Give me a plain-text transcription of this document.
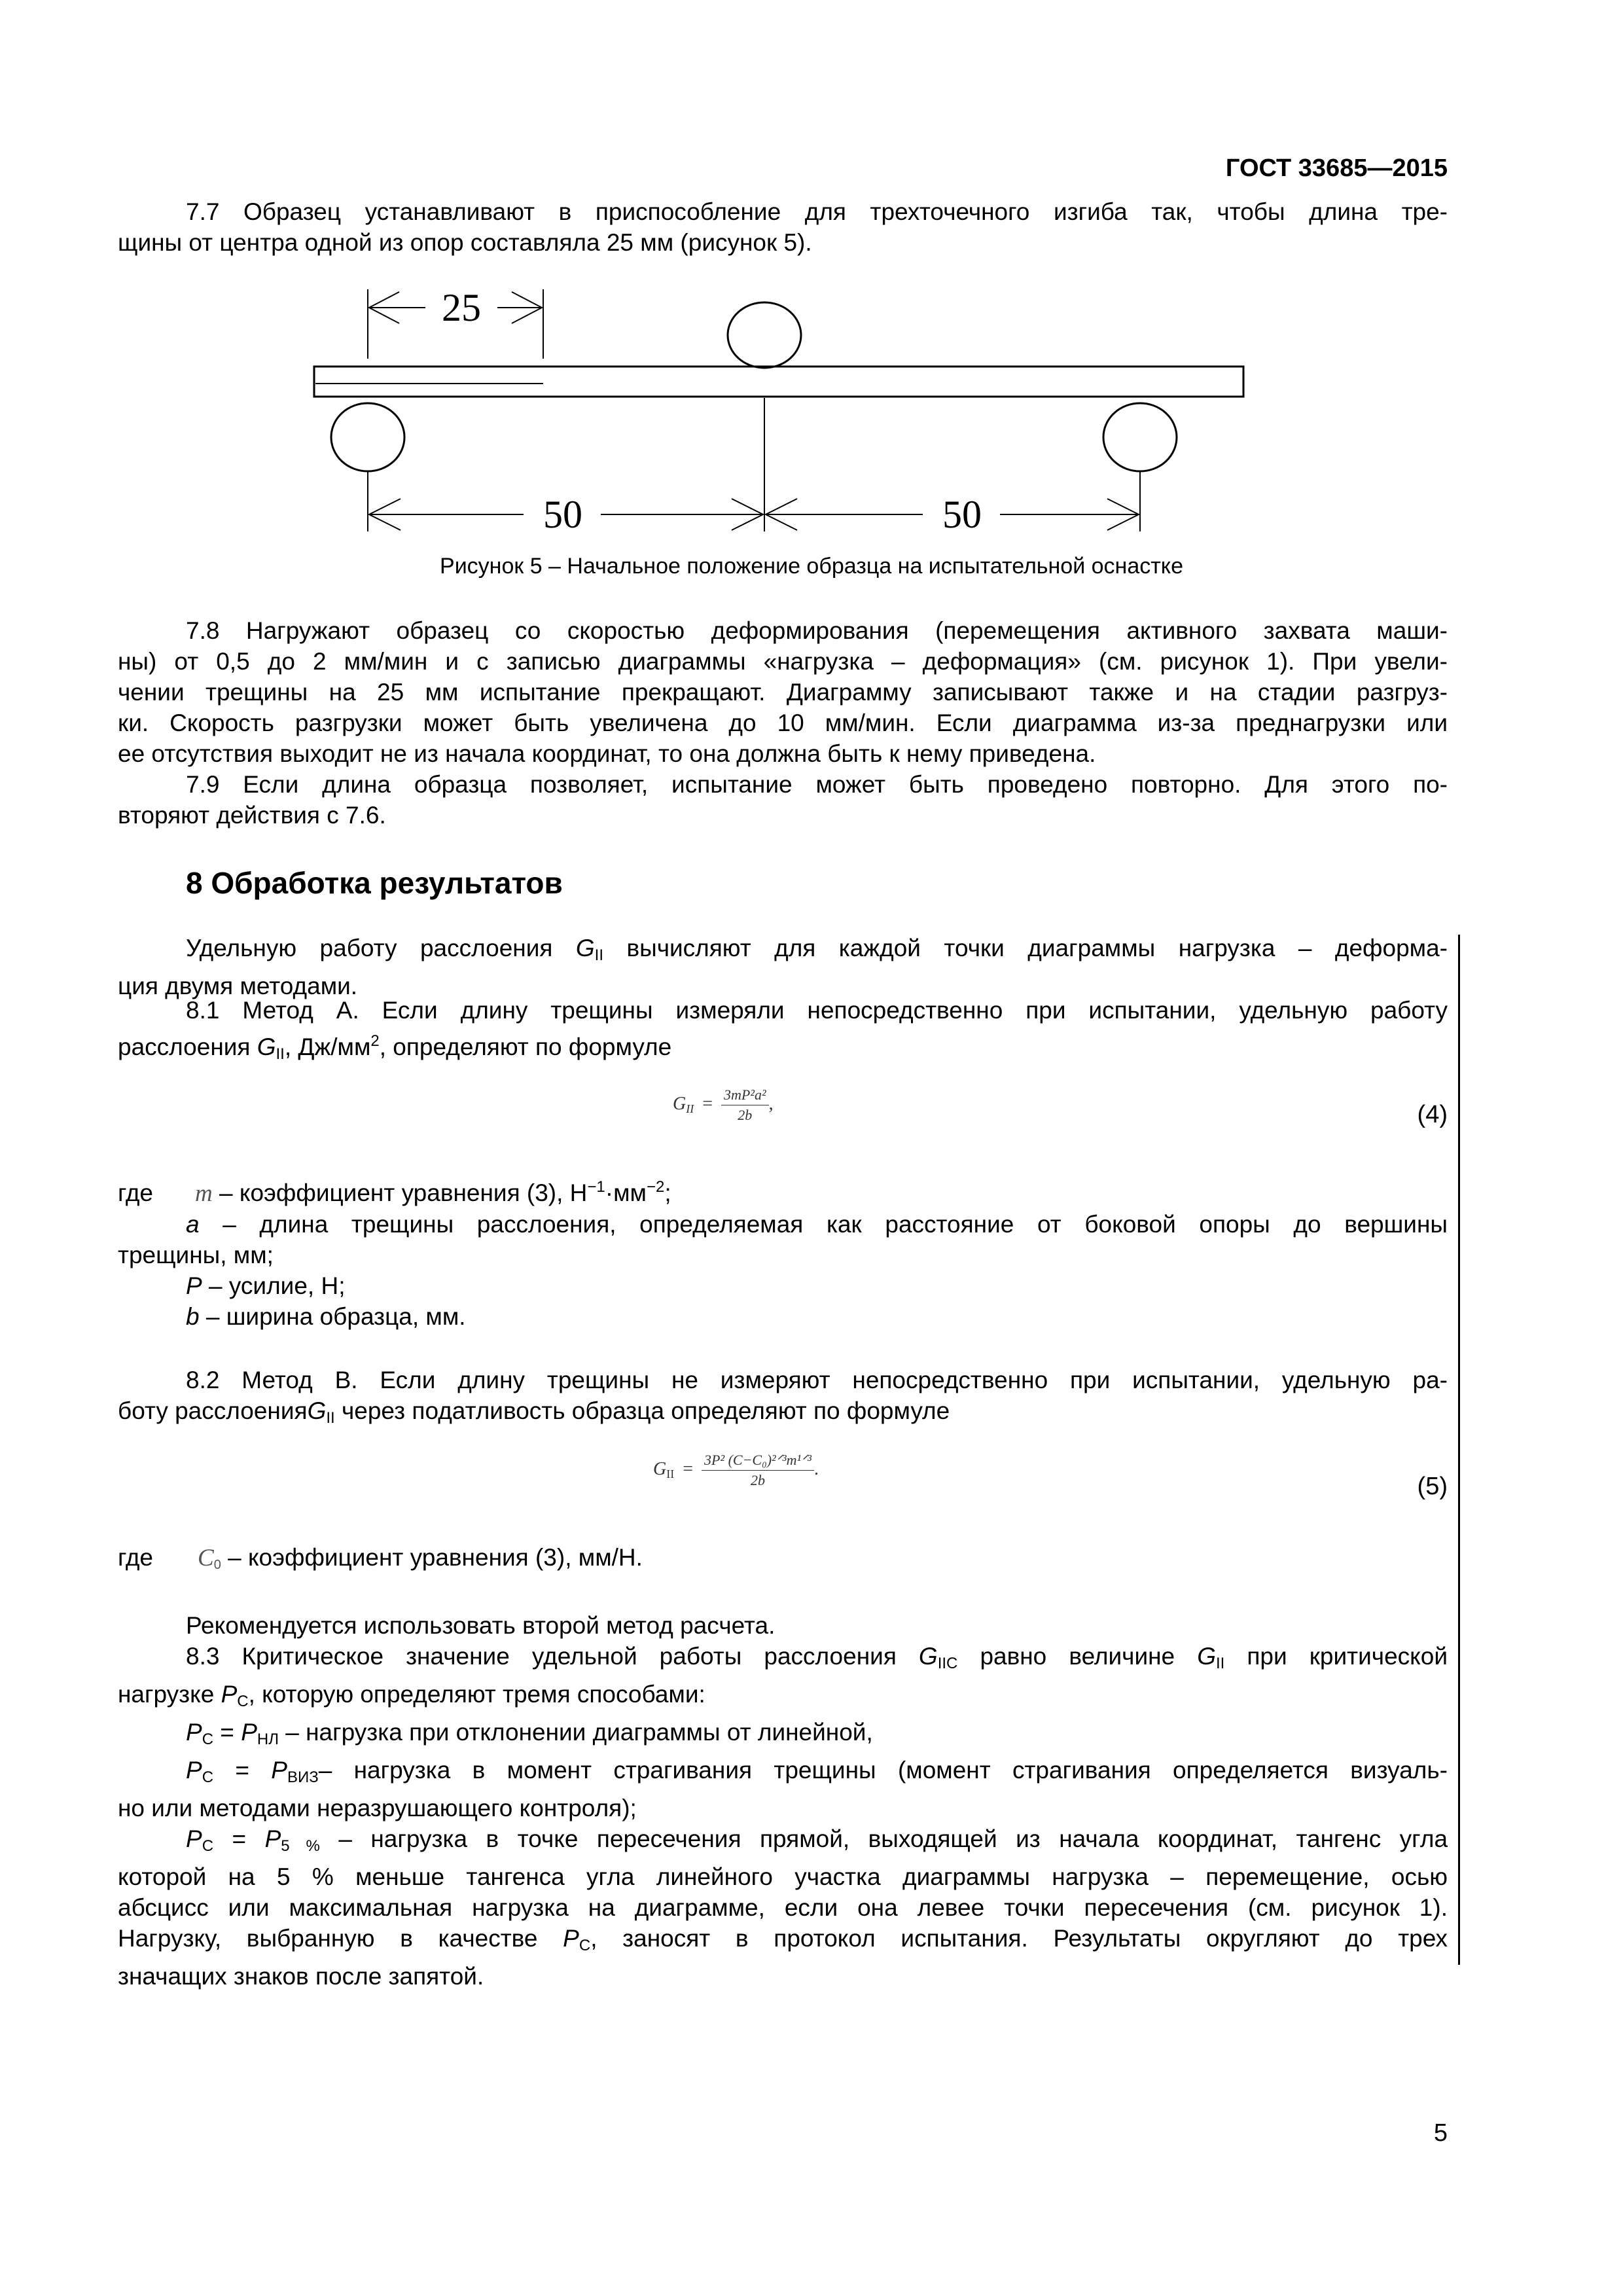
ГОСТ 33685—2015
7.7 Образец устанавливают в приспособление для трехточечного изгиба так, чтобы длина тре-
щины от центра одной из опор составляла 25 мм (рисунок 5).
25
50	50
Рисунок 5 – Начальное положение образца на испытательной оснастке
7.8 Нагружают образец со скоростью деформирования (перемещения активного захвата маши-
ны) от 0,5 до 2 мм/мин и с записью диаграммы «нагрузка – деформация» (см. рисунок 1). При увели-
чении трещины на 25 мм испытание прекращают. Диаграмму записывают также и на стадии разгруз-
ки. Скорость разгрузки может быть увеличена до 10 мм/мин. Если диаграмма из-за преднагрузки или
ее отсутствия выходит не из начала координат, то она должна быть к нему приведена.
7.9 Если длина образца позволяет, испытание может быть проведено повторно. Для этого по-
вторяют действия с 7.6.
8 Обработка результатов
Удельную работу расслоения $G_{II}$ вычисляют для каждой точки диаграммы нагрузка – деформа-
ция двумя методами.
8.1 Метод А. Если длину трещины измеряли непосредственно при испытании, удельную работу
расслоения $G_{II}$, $Дж/мм^2$, определяют по формуле
GII = $\frac{\text{3mP²a²}}{2b}$ ,	(4)
где m – коэффициент уравнения (3), $Н^{-1}\cdot мм^{-2}$;
a – длина трещины расслоения, определяемая как расстояние от боковой опоры до вершины
трещины, мм;
P – усилие, Н;
b – ширина образца, мм.
8.2 Метод В. Если длину трещины не измеряют непосредственно при испытании, удельную ра-
боту расслоенияG$_{II}$ через податливость образца определяют по формуле
GII = $\frac{\text{3P² (C−C₀)²ᐟ³m¹ᐟ³}}{2b}$ .
(5)
где C0 – коэффициент уравнения (3), мм/Н.
Рекомендуется использовать второй метод расчета.
8.3 Критическое значение удельной работы расслоения $G_{IIC}$ равно величине $G_{II}$ при критической
нагрузке $P_C$, которую определяют тремя способами:
$P_C = P_{НЛ}$ – нагрузка при отклонении диаграммы от линейной,
$P_C = P_{ВИЗ}-$ нагрузка в момент страгивания трещины (момент страгивания определяется визуаль-
но или методами неразрушающего контроля);
$P_C = P_{5 \%}$ – нагрузка в точке пересечения прямой, выходящей из начала координат, тангенс угла
которой на 5 % меньше тангенса угла линейного участка диаграммы нагрузка – перемещение, осью
абсцисс или максимальная нагрузка на диаграмме, если она левее точки пересечения (см. рисунок 1).
Нагрузку, выбранную в качестве $P_C$, заносят в протокол испытания. Результаты округляют до трех
значащих знаков после запятой.
5
